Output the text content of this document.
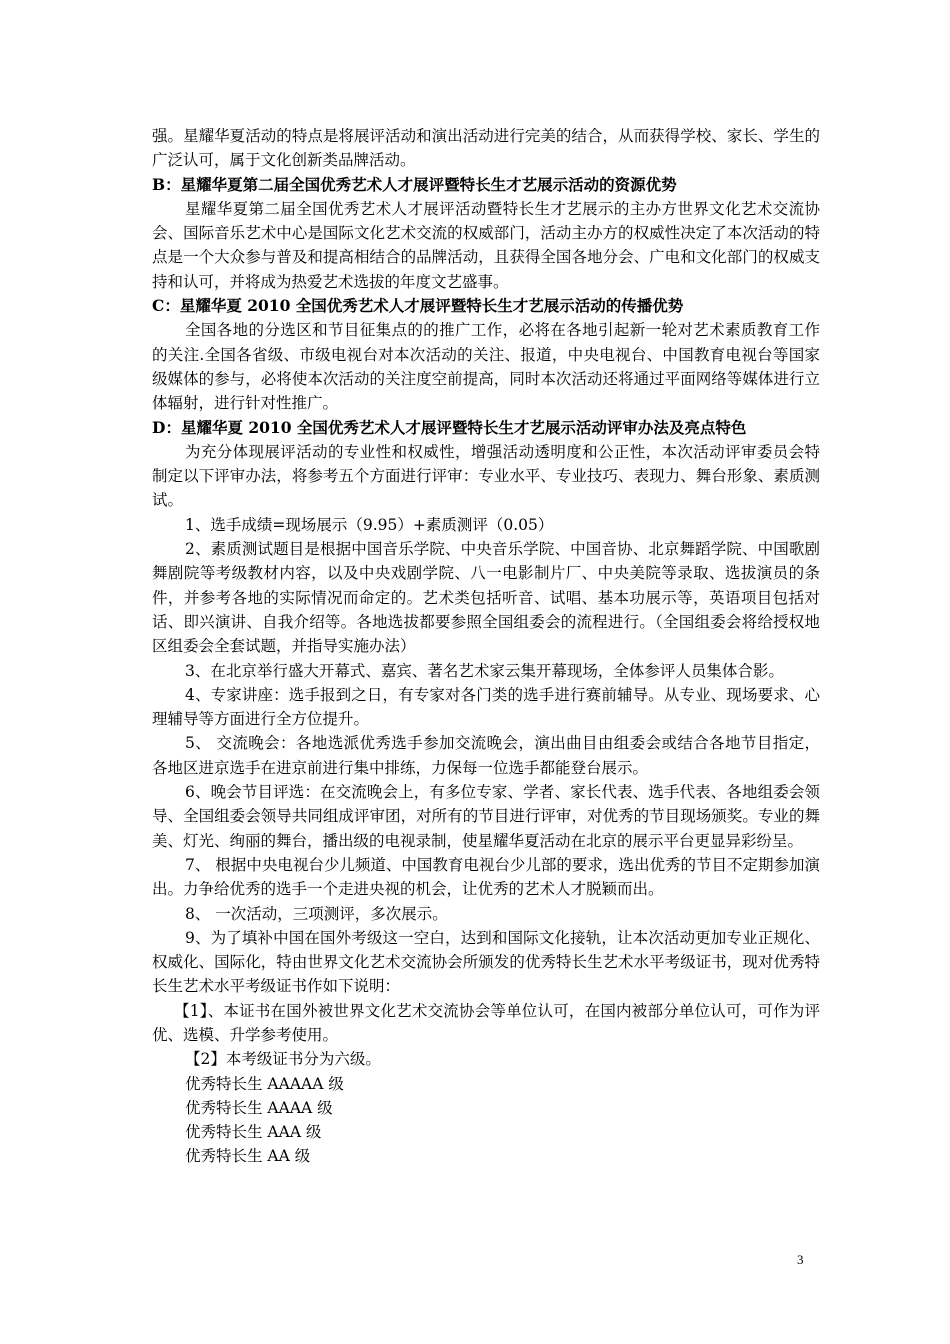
强。星耀华夏活动的特点是将展评活动和演出活动进行完美的结合，从而获得学校、家长、学生的广泛认可，属于文化创新类品牌活动。

B：星耀华夏第二届全国优秀艺术人才展评暨特长生才艺展示活动的资源优势

星耀华夏第二届全国优秀艺术人才展评活动暨特长生才艺展示的主办方世界文化艺术交流协会、国际音乐艺术中心是国际文化艺术交流的权威部门，活动主办方的权威性决定了本次活动的特点是一个大众参与普及和提高相结合的品牌活动，且获得全国各地分会、广电和文化部门的权威支持和认可，并将成为热爱艺术选拔的年度文艺盛事。

C：星耀华夏 2010 全国优秀艺术人才展评暨特长生才艺展示活动的传播优势

全国各地的分选区和节目征集点的的推广工作，必将在各地引起新一轮对艺术素质教育工作的关注.全国各省级、市级电视台对本次活动的关注、报道，中央电视台、中国教育电视台等国家级媒体的参与，必将使本次活动的关注度空前提高，同时本次活动还将通过平面网络等媒体进行立体辐射，进行针对性推广。

D：星耀华夏 2010 全国优秀艺术人才展评暨特长生才艺展示活动评审办法及亮点特色

为充分体现展评活动的专业性和权威性，增强活动透明度和公正性，本次活动评审委员会特制定以下评审办法，将参考五个方面进行评审：专业水平、专业技巧、表现力、舞台形象、素质测试。

1、选手成绩=现场展示（9.95）+素质测评（0.05）

2、素质测试题目是根据中国音乐学院、中央音乐学院、中国音协、北京舞蹈学院、中国歌剧舞剧院等考级教材内容，以及中央戏剧学院、八一电影制片厂、中央美院等录取、选拔演员的条件，并参考各地的实际情况而命定的。艺术类包括听音、试唱、基本功展示等，英语项目包括对话、即兴演讲、自我介绍等。各地选拔都要参照全国组委会的流程进行。（全国组委会将给授权地区组委会全套试题，并指导实施办法）

3、在北京举行盛大开幕式、嘉宾、著名艺术家云集开幕现场，全体参评人员集体合影。

4、专家讲座：选手报到之日，有专家对各门类的选手进行赛前辅导。从专业、现场要求、心理辅导等方面进行全方位提升。

5、 交流晚会：各地选派优秀选手参加交流晚会，演出曲目由组委会或结合各地节目指定， 各地区进京选手在进京前进行集中排练，力保每一位选手都能登台展示。

6、晚会节目评选：在交流晚会上，有多位专家、学者、家长代表、选手代表、各地组委会领导、全国组委会领导共同组成评审团，对所有的节目进行评审，对优秀的节目现场颁奖。专业的舞美、灯光、绚丽的舞台，播出级的电视录制，使星耀华夏活动在北京的展示平台更显异彩纷呈。

7、 根据中央电视台少儿频道、中国教育电视台少儿部的要求，选出优秀的节目不定期参加演出。力争给优秀的选手一个走进央视的机会，让优秀的艺术人才脱颖而出。

8、 一次活动，三项测评，多次展示。

9、为了填补中国在国外考级这一空白，达到和国际文化接轨，让本次活动更加专业正规化、权威化、国际化，特由世界文化艺术交流协会所颁发的优秀特长生艺术水平考级证书，现对优秀特长生艺术水平考级证书作如下说明：

【1】、本证书在国外被世界文化艺术交流协会等单位认可，在国内被部分单位认可，可作为评优、选模、升学参考使用。

【2】本考级证书分为六级。

优秀特长生 AAAAA 级

优秀特长生 AAAA 级

优秀特长生 AAA 级

优秀特长生 AA 级

3
